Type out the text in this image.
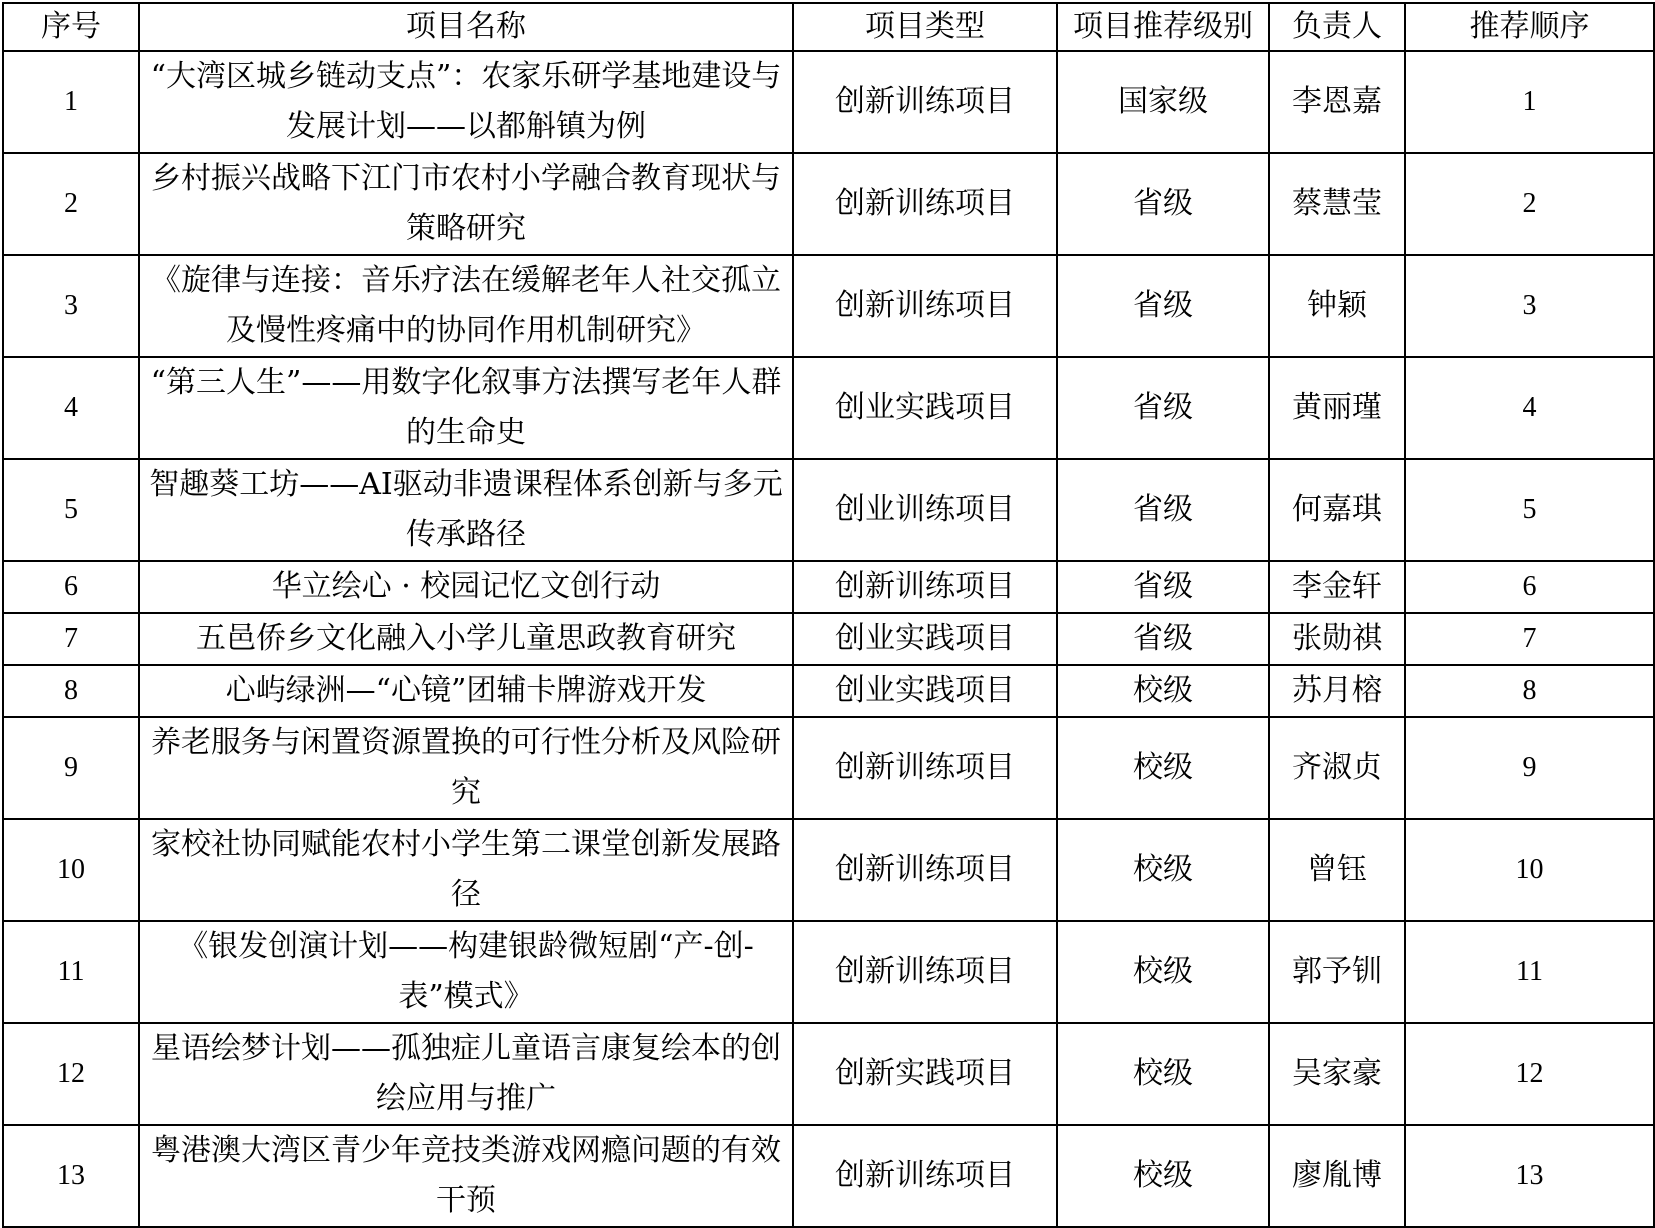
序号	项目名称	项目类型	项目推荐级别	负责人	推荐顺序
1	“大湾区城乡链动支点”：农家乐研学基地建设与发展计划——以都斛镇为例	创新训练项目	国家级	李恩嘉	1
2	乡村振兴战略下江门市农村小学融合教育现状与策略研究	创新训练项目	省级	蔡慧莹	2
3	《旋律与连接：音乐疗法在缓解老年人社交孤立及慢性疼痛中的协同作用机制研究》	创新训练项目	省级	钟颖	3
4	“第三人生”——用数字化叙事方法撰写老年人群的生命史	创业实践项目	省级	黄丽瑾	4
5	智趣葵工坊——AI驱动非遗课程体系创新与多元传承路径	创业训练项目	省级	何嘉琪	5
6	华立绘心 · 校园记忆文创行动	创新训练项目	省级	李金轩	6
7	五邑侨乡文化融入小学儿童思政教育研究	创业实践项目	省级	张勋祺	7
8	心屿绿洲—“心镜”团辅卡牌游戏开发	创业实践项目	校级	苏月榕	8
9	养老服务与闲置资源置换的可行性分析及风险研究	创新训练项目	校级	齐淑贞	9
10	家校社协同赋能农村小学生第二课堂创新发展路径	创新训练项目	校级	曾钰	10
11	《银发创演计划——构建银龄微短剧“产-创-表”模式》	创新训练项目	校级	郭予钏	11
12	星语绘梦计划——孤独症儿童语言康复绘本的创绘应用与推广	创新实践项目	校级	吴家豪	12
13	粤港澳大湾区青少年竞技类游戏网瘾问题的有效干预	创新训练项目	校级	廖胤博	13
